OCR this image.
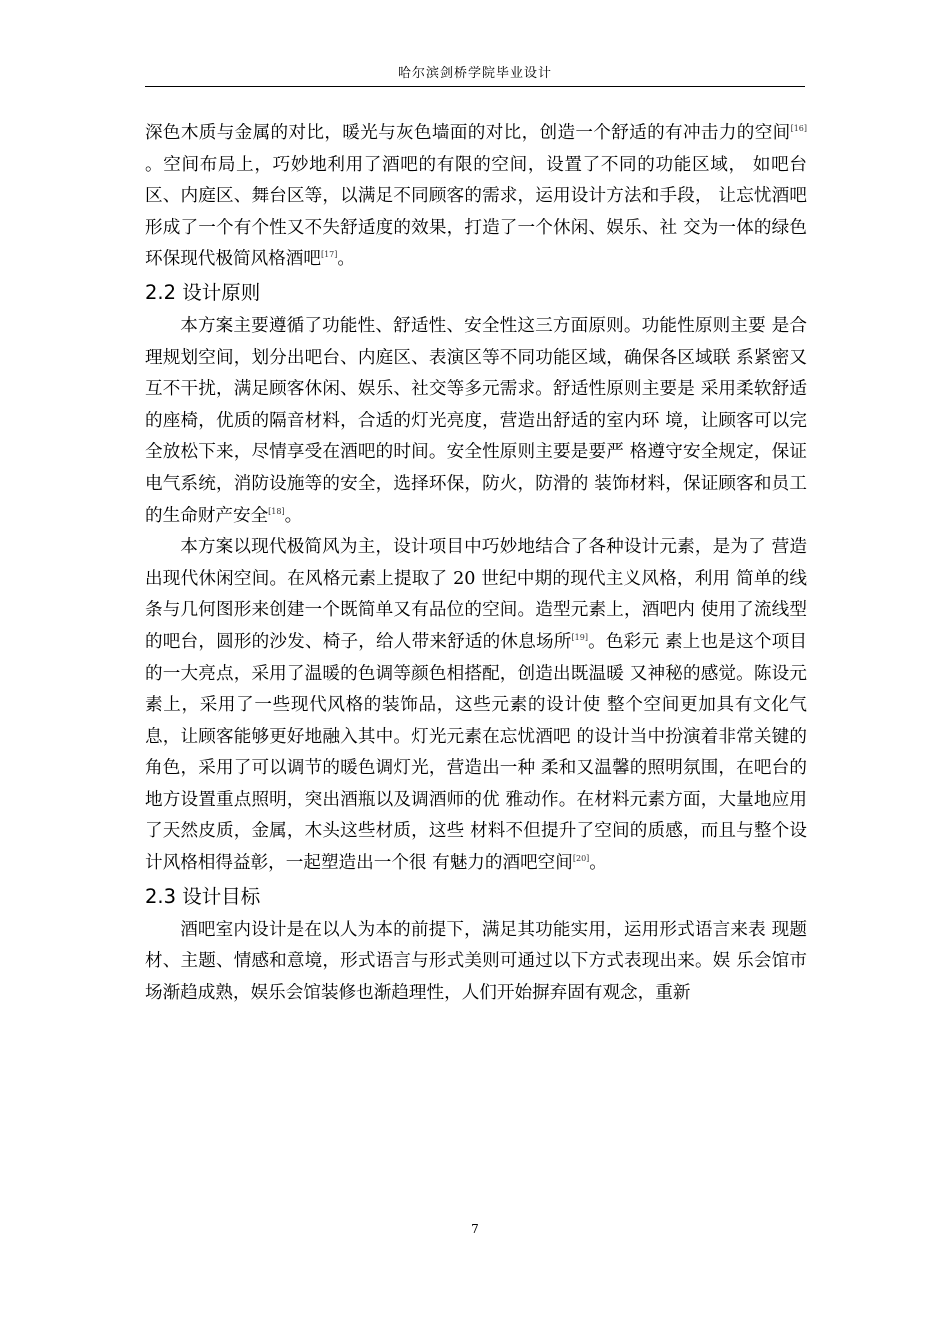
哈尔滨剑桥学院毕业设计

深色木质与金属的对比，暖光与灰色墙面的对比，创造一个舒适的有冲击力的空间[16] 。空间布局上，巧妙地利用了酒吧的有限的空间，设置了不同的功能区域， 如吧台区、内庭区、舞台区等，以满足不同顾客的需求，运用设计方法和手段， 让忘忧酒吧形成了一个有个性又不失舒适度的效果，打造了一个休闲、娱乐、社 交为一体的绿色环保现代极简风格酒吧[17]。

2.2 设计原则

本方案主要遵循了功能性、舒适性、安全性这三方面原则。功能性原则主要 是合理规划空间，划分出吧台、内庭区、表演区等不同功能区域，确保各区域联 系紧密又互不干扰，满足顾客休闲、娱乐、社交等多元需求。舒适性原则主要是 采用柔软舒适的座椅，优质的隔音材料，合适的灯光亮度，营造出舒适的室内环 境，让顾客可以完全放松下来，尽情享受在酒吧的时间。安全性原则主要是要严 格遵守安全规定，保证电气系统，消防设施等的安全，选择环保，防火，防滑的 装饰材料，保证顾客和员工的生命财产安全[18]。

本方案以现代极简风为主，设计项目中巧妙地结合了各种设计元素，是为了 营造出现代休闲空间。在风格元素上提取了 20 世纪中期的现代主义风格，利用 简单的线条与几何图形来创建一个既简单又有品位的空间。造型元素上，酒吧内 使用了流线型的吧台，圆形的沙发、椅子，给人带来舒适的休息场所[19]。色彩元 素上也是这个项目的一大亮点，采用了温暖的色调等颜色相搭配，创造出既温暖 又神秘的感觉。陈设元素上，采用了一些现代风格的装饰品，这些元素的设计使 整个空间更加具有文化气息，让顾客能够更好地融入其中。灯光元素在忘忧酒吧 的设计当中扮演着非常关键的角色，采用了可以调节的暖色调灯光，营造出一种 柔和又温馨的照明氛围，在吧台的地方设置重点照明，突出酒瓶以及调酒师的优 雅动作。在材料元素方面，大量地应用了天然皮质，金属，木头这些材质，这些 材料不但提升了空间的质感，而且与整个设计风格相得益彰，一起塑造出一个很 有魅力的酒吧空间[20]。

2.3 设计目标

酒吧室内设计是在以人为本的前提下，满足其功能实用，运用形式语言来表 现题材、主题、情感和意境，形式语言与形式美则可通过以下方式表现出来。娱 乐会馆市场渐趋成熟，娱乐会馆装修也渐趋理性，人们开始摒弃固有观念，重新

7
